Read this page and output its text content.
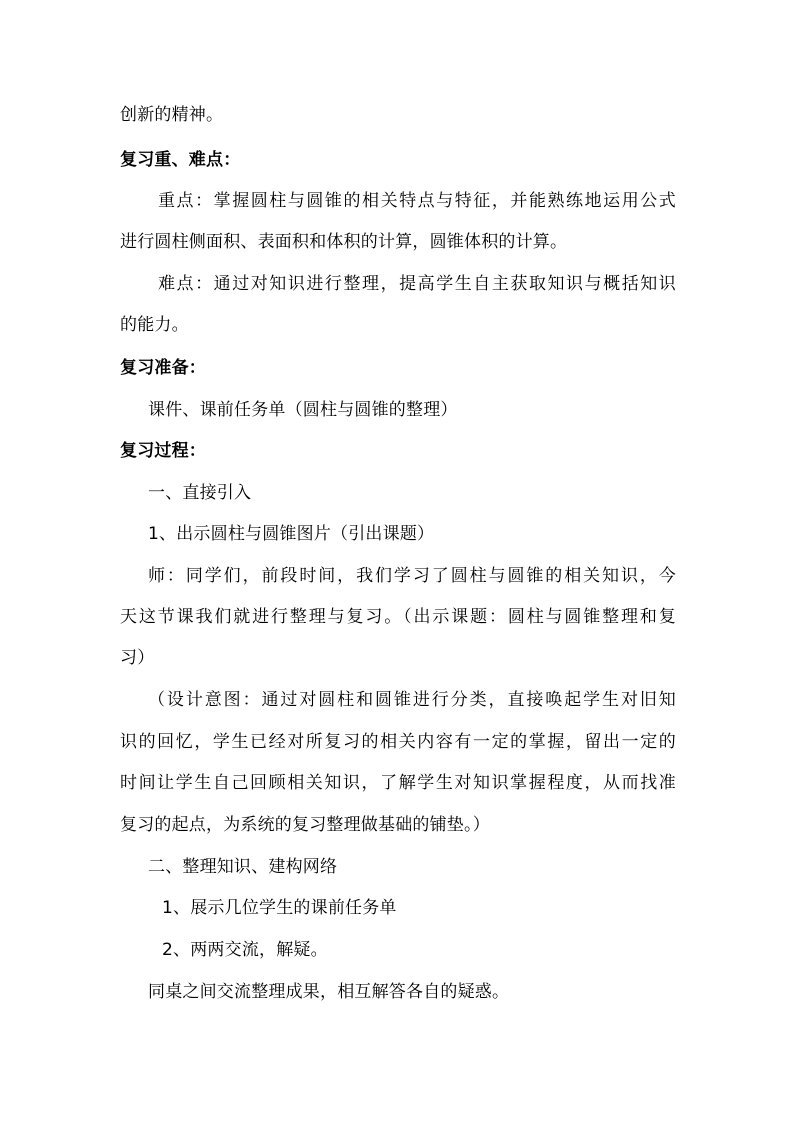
创新的精神。
复习重、难点：
重点：掌握圆柱与圆锥的相关特点与特征，并能熟练地运用公式
进行圆柱侧面积、表面积和体积的计算，圆锥体积的计算。
难点：通过对知识进行整理，提高学生自主获取知识与概括知识
的能力。
复习准备：
课件、课前任务单（圆柱与圆锥的整理）
复习过程：
一、直接引入
1、出示圆柱与圆锥图片（引出课题）
师：同学们，前段时间，我们学习了圆柱与圆锥的相关知识，今
天这节课我们就进行整理与复习。（出示课题：圆柱与圆锥整理和复
习）
（设计意图：通过对圆柱和圆锥进行分类，直接唤起学生对旧知
识的回忆，学生已经对所复习的相关内容有一定的掌握，留出一定的
时间让学生自己回顾相关知识，了解学生对知识掌握程度，从而找准
复习的起点，为系统的复习整理做基础的铺垫。）
二、整理知识、建构网络
1、展示几位学生的课前任务单
2、两两交流，解疑。
同桌之间交流整理成果，相互解答各自的疑惑。
